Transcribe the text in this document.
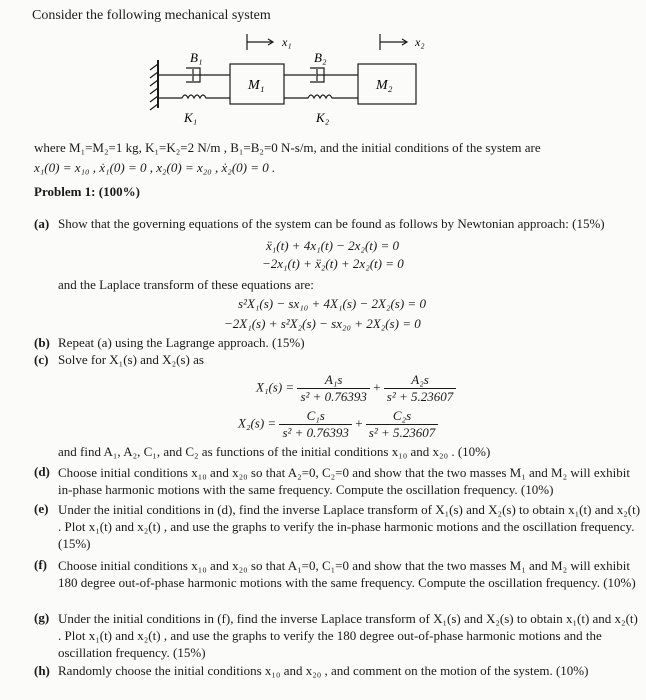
Consider the following mechanical system
x₁	x₂
B₁	B₂
M₁	M₂
K₁	K₂
where M₁=M₂=1 kg, K₁=K₂=2 N/m , B₁=B₂=0 N-s/m, and the initial conditions of the system are
x₁(0) = x₁₀ , ẋ₁(0) = 0 , x₂(0) = x₂₀ , ẋ₂(0) = 0 .
Problem 1: (100%)
(a) Show that the governing equations of the system can be found as follows by Newtonian approach: (15%)
ẍ₁(t) + 4x₁(t) − 2x₂(t) = 0
−2x₁(t) + ẍ₂(t) + 2x₂(t) = 0
and the Laplace transform of these equations are:
s²X₁(s) − sx₁₀ + 4X₁(s) − 2X₂(s) = 0
−2X₁(s) + s²X₂(s) − sx₂₀ + 2X₂(s) = 0
(b) Repeat (a) using the Lagrange approach. (15%)
(c) Solve for X₁(s) and X₂(s) as
$X_1(s) = \frac{\text{A₁s}}{\text{s² + 0.76393}} + \frac{\text{A₂s}}{\text{s² + 5.23607}}$
$X_2(s) = \frac{\text{C₁s}}{\text{s² + 0.76393}} + \frac{\text{C₂s}}{\text{s² + 5.23607}}$
and find A₁, A₂, C₁, and C₂ as functions of the initial conditions x₁₀ and x₂₀ . (10%)
(d) Choose initial conditions x₁₀ and x₂₀ so that A₂=0, C₂=0 and show that the two masses M₁ and M₂ will exhibit in-phase harmonic motions with the same frequency. Compute the oscillation frequency. (10%)
(e) Under the initial conditions in (d), find the inverse Laplace transform of X₁(s) and X₂(s) to obtain x₁(t) and x₂(t) . Plot x₁(t) and x₂(t) , and use the graphs to verify the in-phase harmonic motions and the oscillation frequency. (15%)
(f) Choose initial conditions x₁₀ and x₂₀ so that A₁=0, C₁=0 and show that the two masses M₁ and M₂ will exhibit 180 degree out-of-phase harmonic motions with the same frequency. Compute the oscillation frequency. (10%)
(g) Under the initial conditions in (f), find the inverse Laplace transform of X₁(s) and X₂(s) to obtain x₁(t) and x₂(t) . Plot x₁(t) and x₂(t) , and use the graphs to verify the 180 degree out-of-phase harmonic motions and the oscillation frequency. (15%)
(h) Randomly choose the initial conditions x₁₀ and x₂₀ , and comment on the motion of the system. (10%)
